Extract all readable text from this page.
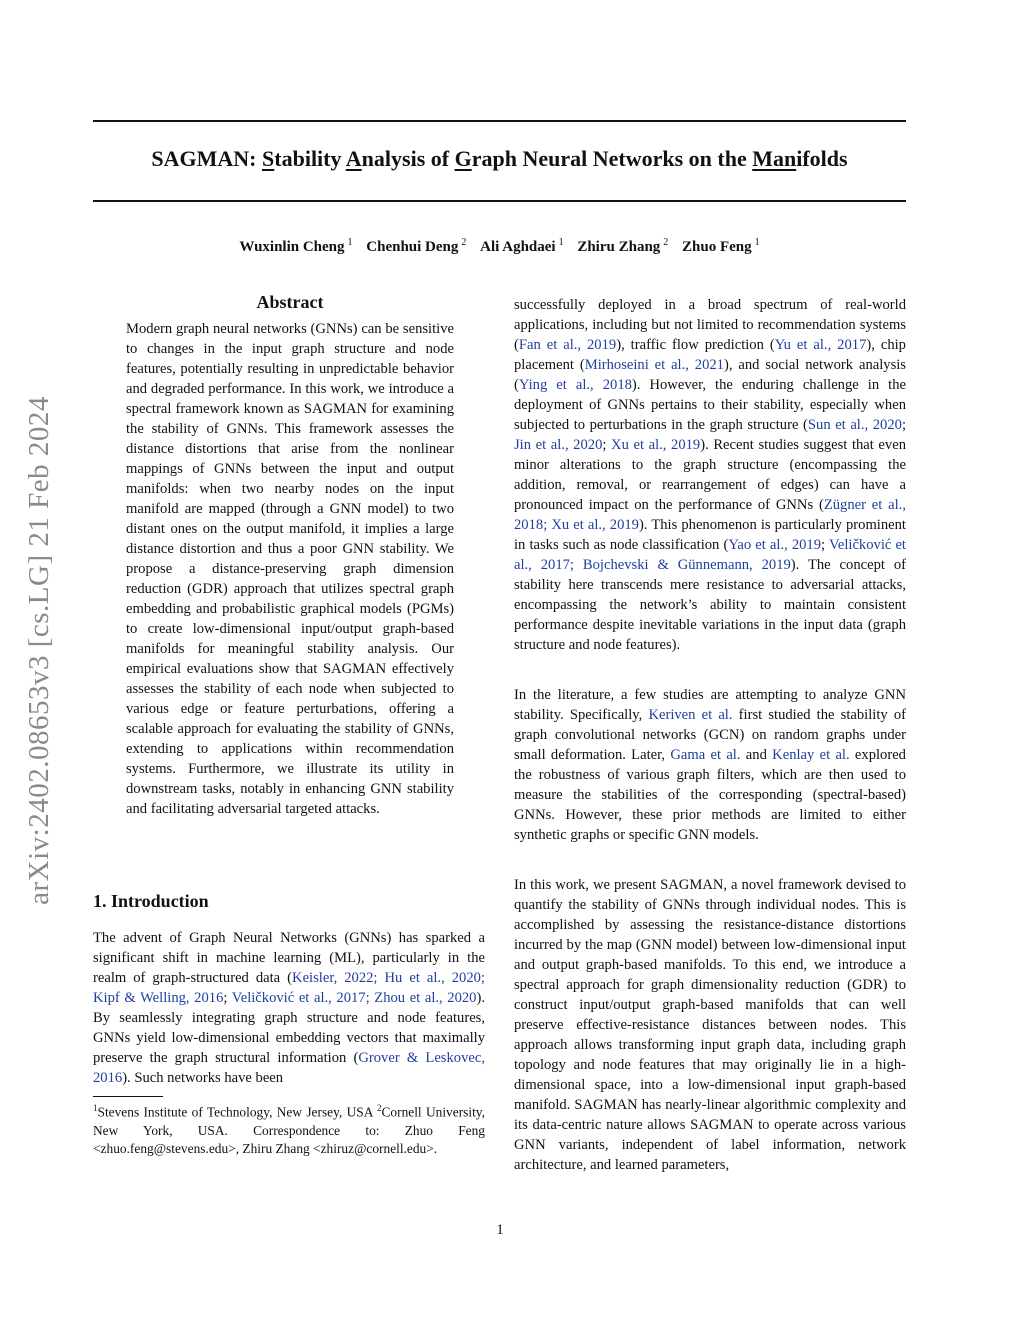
SAGMAN: Stability Analysis of Graph Neural Networks on the Manifolds
Wuxinlin Cheng $^1$ Chenhui Deng $^2$ Ali Aghdaei $^1$ Zhiru Zhang $^2$ Zhuo Feng $^1$
arXiv:2402.08653v3 [cs.LG] 21 Feb 2024
Abstract

Modern graph neural networks (GNNs) can be sensitive to changes in the input graph structure and node features, potentially resulting in unpredictable behavior and degraded performance. In this work, we introduce a spectral framework known as SAGMAN for examining the stability of GNNs. This framework assesses the distance distortions that arise from the nonlinear mappings of GNNs between the input and output manifolds: when two nearby nodes on the input manifold are mapped (through a GNN model) to two distant ones on the output manifold, it implies a large distance distortion and thus a poor GNN stability. We propose a distance-preserving graph dimension reduction (GDR) approach that utilizes spectral graph embedding and probabilistic graphical models (PGMs) to create low-dimensional input/output graph-based manifolds for meaningful stability analysis. Our empirical evaluations show that SAGMAN effectively assesses the stability of each node when subjected to various edge or feature perturbations, offering a scalable approach for evaluating the stability of GNNs, extending to applications within recommendation systems. Furthermore, we illustrate its utility in downstream tasks, notably in enhancing GNN stability and facilitating adversarial targeted attacks.

1. Introduction

The advent of Graph Neural Networks (GNNs) has sparked a significant shift in machine learning (ML), particularly in the realm of graph-structured data (Keisler, 2022; Hu et al., 2020; Kipf & Welling, 2016; Veličković et al., 2017; Zhou et al., 2020). By seamlessly integrating graph structure and node features, GNNs yield low-dimensional embedding vectors that maximally preserve the graph structural information (Grover & Leskovec, 2016). Such networks have been

$^1$Stevens Institute of Technology, New Jersey, USA $^2$Cornell University, New York, USA. Correspondence to: Zhuo Feng <zhuo.feng@stevens.edu>, Zhiru Zhang <zhiruz@cornell.edu>.

successfully deployed in a broad spectrum of real-world applications, including but not limited to recommendation systems (Fan et al., 2019), traffic flow prediction (Yu et al., 2017), chip placement (Mirhoseini et al., 2021), and social network analysis (Ying et al., 2018). However, the enduring challenge in the deployment of GNNs pertains to their stability, especially when subjected to perturbations in the graph structure (Sun et al., 2020; Jin et al., 2020; Xu et al., 2019). Recent studies suggest that even minor alterations to the graph structure (encompassing the addition, removal, or rearrangement of edges) can have a pronounced impact on the performance of GNNs (Zügner et al., 2018; Xu et al., 2019). This phenomenon is particularly prominent in tasks such as node classification (Yao et al., 2019; Veličković et al., 2017; Bojchevski & Günnemann, 2019). The concept of stability here transcends mere resistance to adversarial attacks, encompassing the network’s ability to maintain consistent performance despite inevitable variations in the input data (graph structure and node features).

In the literature, a few studies are attempting to analyze GNN stability. Specifically, Keriven et al. first studied the stability of graph convolutional networks (GCN) on random graphs under small deformation. Later, Gama et al. and Kenlay et al. explored the robustness of various graph filters, which are then used to measure the stabilities of the corresponding (spectral-based) GNNs. However, these prior methods are limited to either synthetic graphs or specific GNN models.

In this work, we present SAGMAN, a novel framework devised to quantify the stability of GNNs through individual nodes. This is accomplished by assessing the resistance-distance distortions incurred by the map (GNN model) between low-dimensional input and output graph-based manifolds. To this end, we introduce a spectral approach for graph dimensionality reduction (GDR) to construct input/output graph-based manifolds that can well preserve effective-resistance distances between nodes. This approach allows transforming input graph data, including graph topology and node features that may originally lie in a high-dimensional space, into a low-dimensional input graph-based manifold. SAGMAN has nearly-linear algorithmic complexity and its data-centric nature allows SAGMAN to operate across various GNN variants, independent of label information, network architecture, and learned parameters,

1
